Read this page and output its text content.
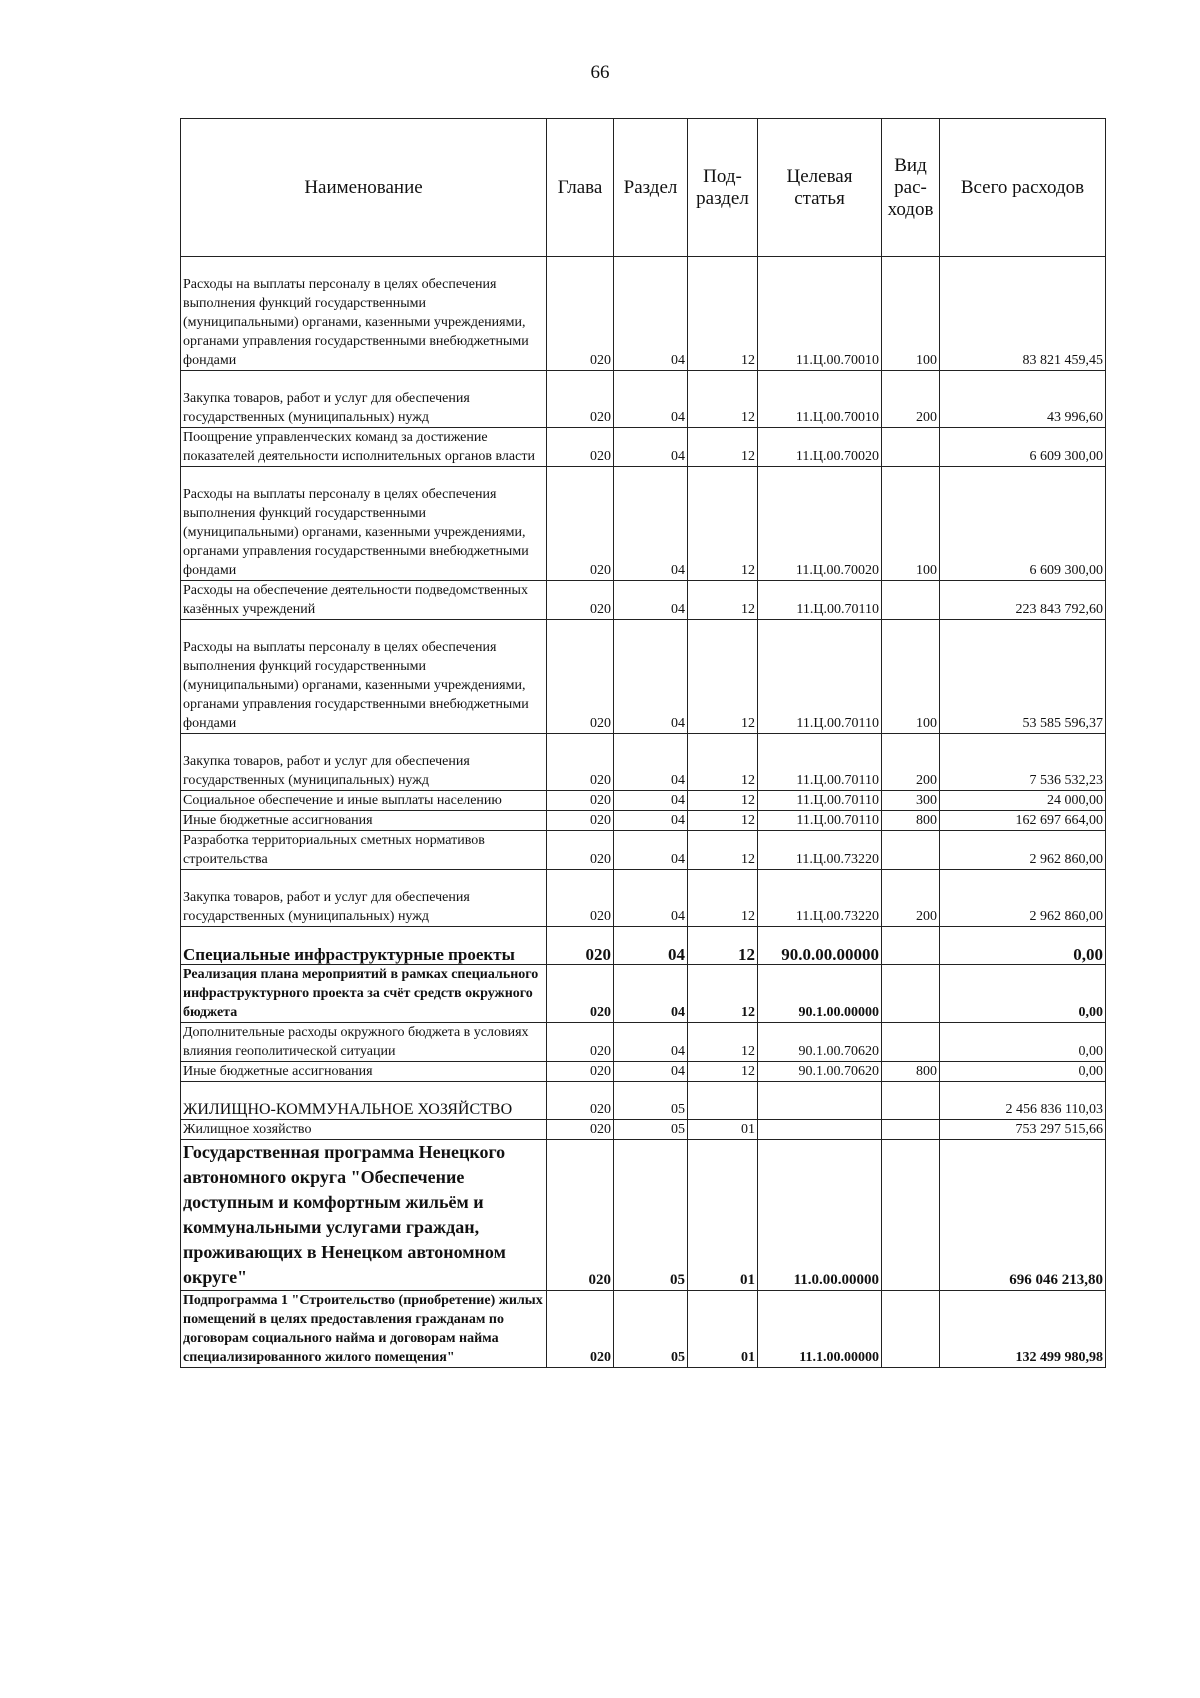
66
Наименование	Глава	Раздел	Под-раздел	Целевая статья	Вид рас-ходов	Всего расходов
Расходы на выплаты персоналу в целях обеспечения выполнения функций государственными (муниципальными) органами, казенными учреждениями, органами управления государственными внебюджетными фондами	020	04	12	11.Ц.00.70010	100	83 821 459,45
Закупка товаров, работ и услуг для обеспечения государственных (муниципальных) нужд	020	04	12	11.Ц.00.70010	200	43 996,60
Поощрение управленческих команд за достижение показателей деятельности исполнительных органов власти	020	04	12	11.Ц.00.70020		6 609 300,00
Расходы на выплаты персоналу в целях обеспечения выполнения функций государственными (муниципальными) органами, казенными учреждениями, органами управления государственными внебюджетными фондами	020	04	12	11.Ц.00.70020	100	6 609 300,00
Расходы на обеспечение деятельности подведомственных казённых учреждений	020	04	12	11.Ц.00.70110		223 843 792,60
Расходы на выплаты персоналу в целях обеспечения выполнения функций государственными (муниципальными) органами, казенными учреждениями, органами управления государственными внебюджетными фондами	020	04	12	11.Ц.00.70110	100	53 585 596,37
Закупка товаров, работ и услуг для обеспечения государственных (муниципальных) нужд	020	04	12	11.Ц.00.70110	200	7 536 532,23
Социальное обеспечение и иные выплаты населению	020	04	12	11.Ц.00.70110	300	24 000,00
Иные бюджетные ассигнования	020	04	12	11.Ц.00.70110	800	162 697 664,00
Разработка территориальных сметных нормативов строительства	020	04	12	11.Ц.00.73220		2 962 860,00
Закупка товаров, работ и услуг для обеспечения государственных (муниципальных) нужд	020	04	12	11.Ц.00.73220	200	2 962 860,00
Специальные инфраструктурные проекты	020	04	12	90.0.00.00000		0,00
Реализация плана мероприятий в рамках специального инфраструктурного проекта за счёт средств окружного бюджета	020	04	12	90.1.00.00000		0,00
Дополнительные расходы окружного бюджета в условиях влияния геополитической ситуации	020	04	12	90.1.00.70620		0,00
Иные бюджетные ассигнования	020	04	12	90.1.00.70620	800	0,00
ЖИЛИЩНО-КОММУНАЛЬНОЕ ХОЗЯЙСТВО	020	05				2 456 836 110,03
Жилищное хозяйство	020	05	01			753 297 515,66
Государственная программа Ненецкого автономного округа "Обеспечение доступным и комфортным жильём и коммунальными услугами граждан, проживающих в Ненецком автономном округе"	020	05	01	11.0.00.00000		696 046 213,80
Подпрограмма 1 "Строительство (приобретение) жилых помещений в целях предоставления гражданам по договорам социального найма и договорам найма специализированного жилого помещения"	020	05	01	11.1.00.00000		132 499 980,98
